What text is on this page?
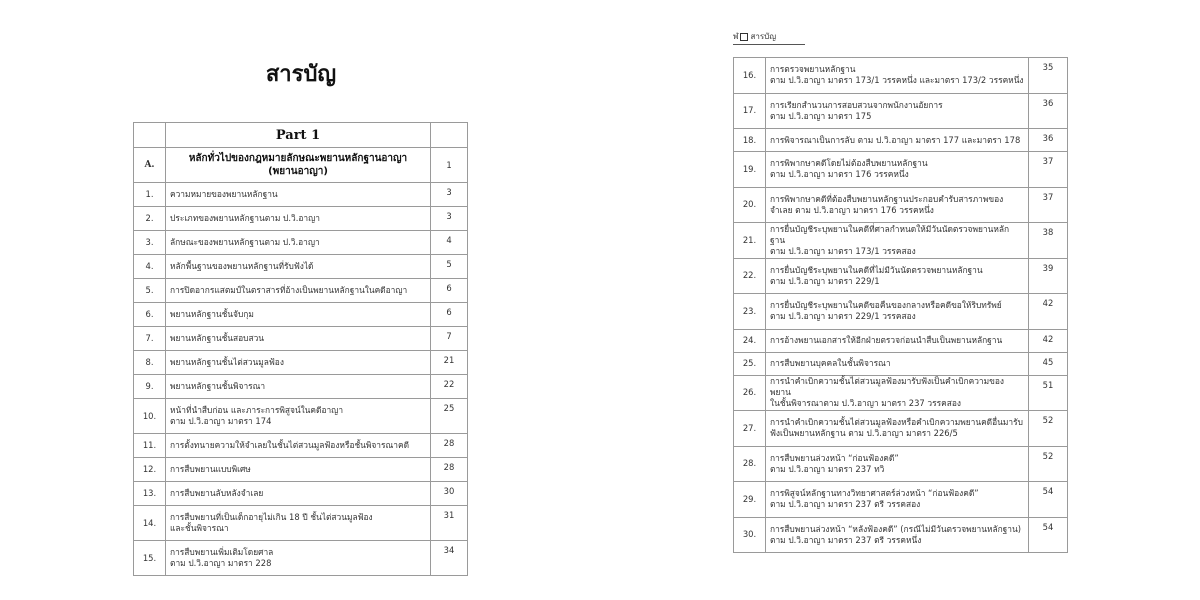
สารบัญ
	Part 1	
A.	หลักทั่วไปของกฎหมายลักษณะพยานหลักฐานอาญา
(พยานอาญา)	1
1.	ความหมายของพยานหลักฐาน	3
2.	ประเภทของพยานหลักฐานตาม ป.วิ.อาญา	3
3.	ลักษณะของพยานหลักฐานตาม ป.วิ.อาญา	4
4.	หลักพื้นฐานของพยานหลักฐานที่รับฟังได้	5
5.	การปิดอากรแสตมป์ในตราสารที่อ้างเป็นพยานหลักฐานในคดีอาญา	6
6.	พยานหลักฐานชั้นจับกุม	6
7.	พยานหลักฐานชั้นสอบสวน	7
8.	พยานหลักฐานชั้นไต่สวนมูลฟ้อง	21
9.	พยานหลักฐานชั้นพิจารณา	22
10.	หน้าที่นำสืบก่อน และภาระการพิสูจน์ในคดีอาญา
ตาม ป.วิ.อาญา มาตรา 174	25
11.	การตั้งทนายความให้จำเลยในชั้นไต่สวนมูลฟ้องหรือชั้นพิจารณาคดี	28
12.	การสืบพยานแบบพิเศษ	28
13.	การสืบพยานลับหลังจำเลย	30
14.	การสืบพยานที่เป็นเด็กอายุไม่เกิน 18 ปี ชั้นไต่สวนมูลฟ้อง
และชั้นพิจารณา	31
15.	การสืบพยานเพิ่มเติมโดยศาล
ตาม ป.วิ.อาญา มาตรา 228	34
ฬ สารบัญ
16.	การตรวจพยานหลักฐาน
ตาม ป.วิ.อาญา มาตรา 173/1 วรรคหนึ่ง และมาตรา 173/2 วรรคหนึ่ง	35
17.	การเรียกสำนวนการสอบสวนจากพนักงานอัยการ
ตาม ป.วิ.อาญา มาตรา 175	36
18.	การพิจารณาเป็นการลับ ตาม ป.วิ.อาญา มาตรา 177 และมาตรา 178	36
19.	การพิพากษาคดีโดยไม่ต้องสืบพยานหลักฐาน
ตาม ป.วิ.อาญา มาตรา 176 วรรคหนึ่ง	37
20.	การพิพากษาคดีที่ต้องสืบพยานหลักฐานประกอบคำรับสารภาพของ
จำเลย ตาม ป.วิ.อาญา มาตรา 176 วรรคหนึ่ง	37
21.	การยื่นบัญชีระบุพยานในคดีที่ศาลกำหนดให้มีวันนัดตรวจพยานหลักฐาน
ตาม ป.วิ.อาญา มาตรา 173/1 วรรคสอง	38
22.	การยื่นบัญชีระบุพยานในคดีที่ไม่มีวันนัดตรวจพยานหลักฐาน
ตาม ป.วิ.อาญา มาตรา 229/1	39
23.	การยื่นบัญชีระบุพยานในคดีขอคืนของกลางหรือคดีขอให้ริบทรัพย์
ตาม ป.วิ.อาญา มาตรา 229/1 วรรคสอง	42
24.	การอ้างพยานเอกสารให้อีกฝ่ายตรวจก่อนนำสืบเป็นพยานหลักฐาน	42
25.	การสืบพยานบุคคลในชั้นพิจารณา	45
26.	การนำคำเบิกความชั้นไต่สวนมูลฟ้องมารับฟังเป็นคำเบิกความของพยาน
ในชั้นพิจารณาตาม ป.วิ.อาญา มาตรา 237 วรรคสอง	51
27.	การนำคำเบิกความชั้นไต่สวนมูลฟ้องหรือคำเบิกความพยานคดีอื่นมารับ
ฟังเป็นพยานหลักฐาน ตาม ป.วิ.อาญา มาตรา 226/5	52
28.	การสืบพยานล่วงหน้า “ก่อนฟ้องคดี”
ตาม ป.วิ.อาญา มาตรา 237 ทวิ	52
29.	การพิสูจน์หลักฐานทางวิทยาศาสตร์ล่วงหน้า “ก่อนฟ้องคดี”
ตาม ป.วิ.อาญา มาตรา 237 ตรี วรรคสอง	54
30.	การสืบพยานล่วงหน้า “หลังฟ้องคดี” (กรณีไม่มีวันตรวจพยานหลักฐาน)
ตาม ป.วิ.อาญา มาตรา 237 ตรี วรรคหนึ่ง	54
